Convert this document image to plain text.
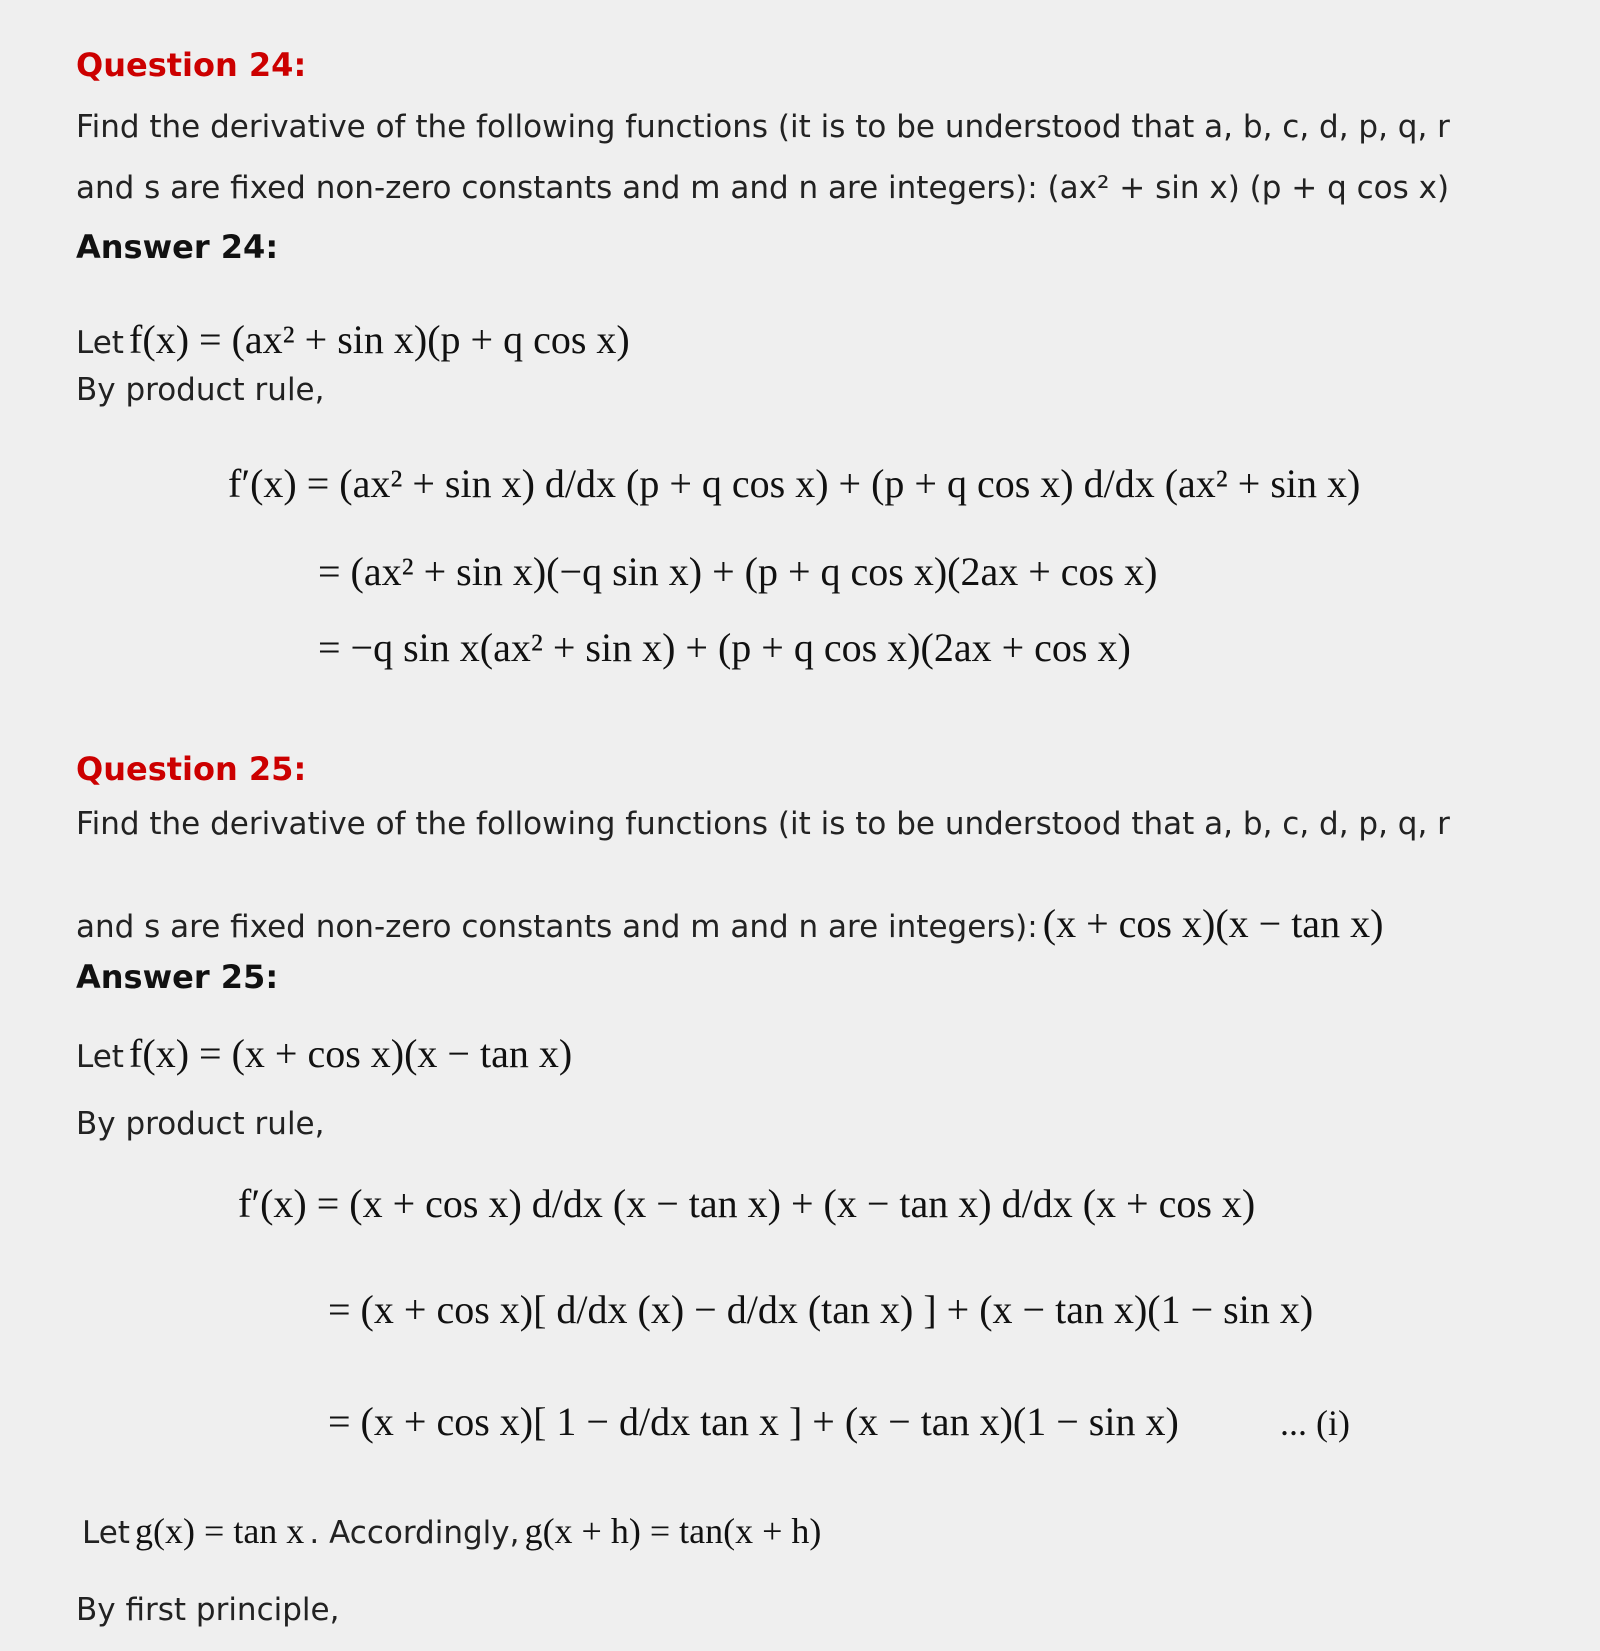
Question 24:
Find the derivative of the following functions (it is to be understood that a, b, c, d, p, q, r
and s are fixed non-zero constants and m and n are integers): (ax² + sin x) (p + q cos x)
Answer 24:
Let f(x) = (ax² + sin x)(p + q cos x)
By product rule,
f′(x) = (ax² + sin x) d/dx (p + q cos x) + (p + q cos x) d/dx (ax² + sin x)
= (ax² + sin x)(−q sin x) + (p + q cos x)(2ax + cos x)
= −q sin x(ax² + sin x) + (p + q cos x)(2ax + cos x)
Question 25:
Find the derivative of the following functions (it is to be understood that a, b, c, d, p, q, r
and s are fixed non-zero constants and m and n are integers): (x + cos x)(x − tan x)
Answer 25:
Let f(x) = (x + cos x)(x − tan x)
By product rule,
f′(x) = (x + cos x) d/dx (x − tan x) + (x − tan x) d/dx (x + cos x)
= (x + cos x)[ d/dx (x) − d/dx (tan x) ] + (x − tan x)(1 − sin x)
= (x + cos x)[ 1 − d/dx tan x ] + (x − tan x)(1 − sin x)	... (i)
Let g(x) = tan x . Accordingly, g(x + h) = tan(x + h)
By first principle,
